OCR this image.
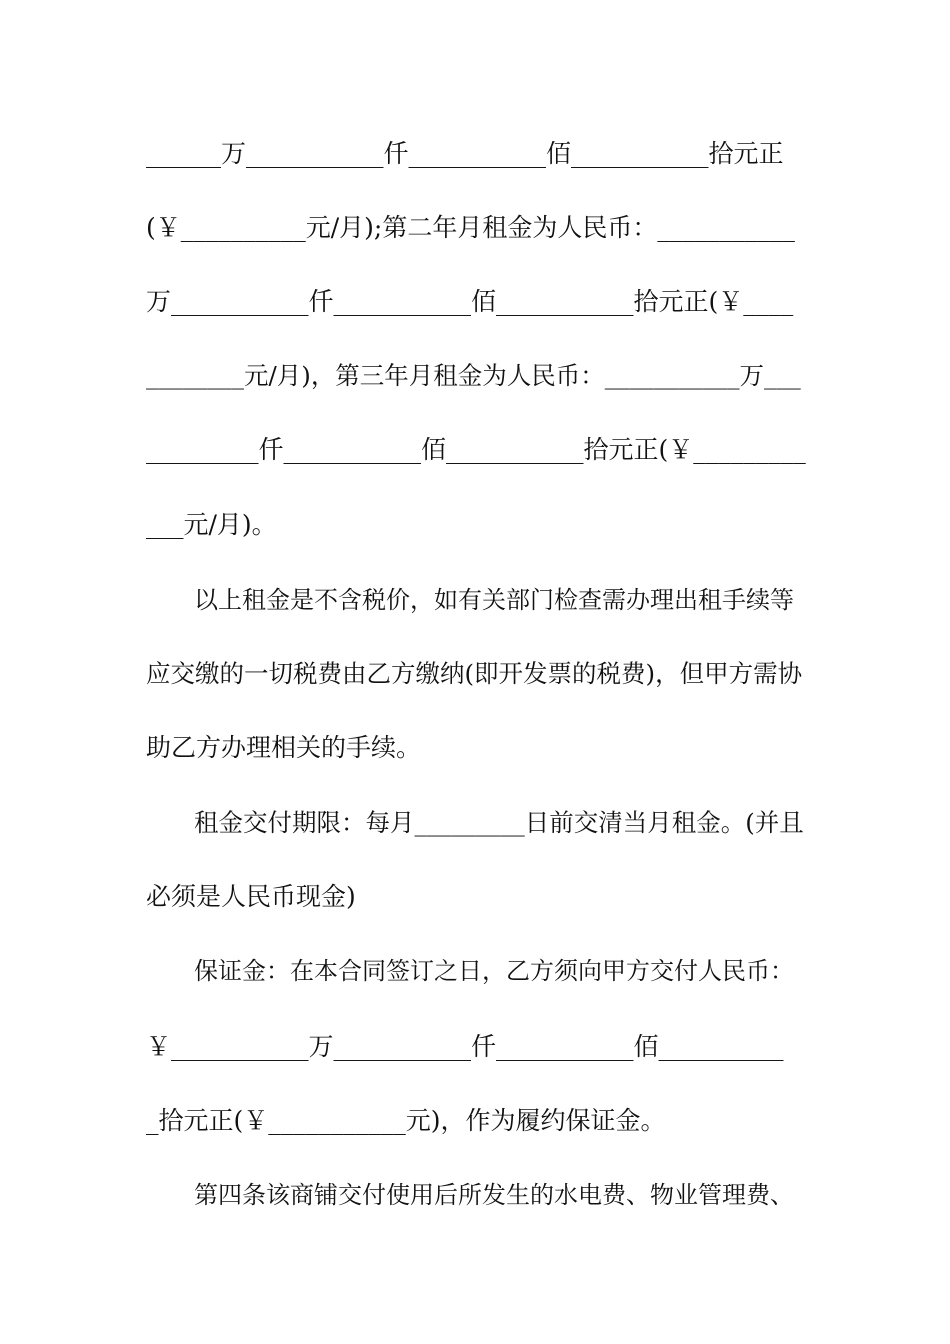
______万___________仟___________佰___________拾元正
(￥__________元/月);第二年月租金为人民币：___________
万___________仟___________佰___________拾元正(￥____
________元/月)，第三年月租金为人民币：___________万___
_________仟___________佰___________拾元正(￥_________
___元/月)。
以上租金是不含税价，如有关部门检查需办理出租手续等
应交缴的一切税费由乙方缴纳(即开发票的税费)，但甲方需协
助乙方办理相关的手续。
租金交付期限：每月_________日前交清当月租金。(并且
必须是人民币现金)
保证金：在本合同签订之日，乙方须向甲方交付人民币：
￥___________万___________仟___________佰__________
_拾元正(￥___________元)，作为履约保证金。
第四条该商铺交付使用后所发生的水电费、物业管理费、
